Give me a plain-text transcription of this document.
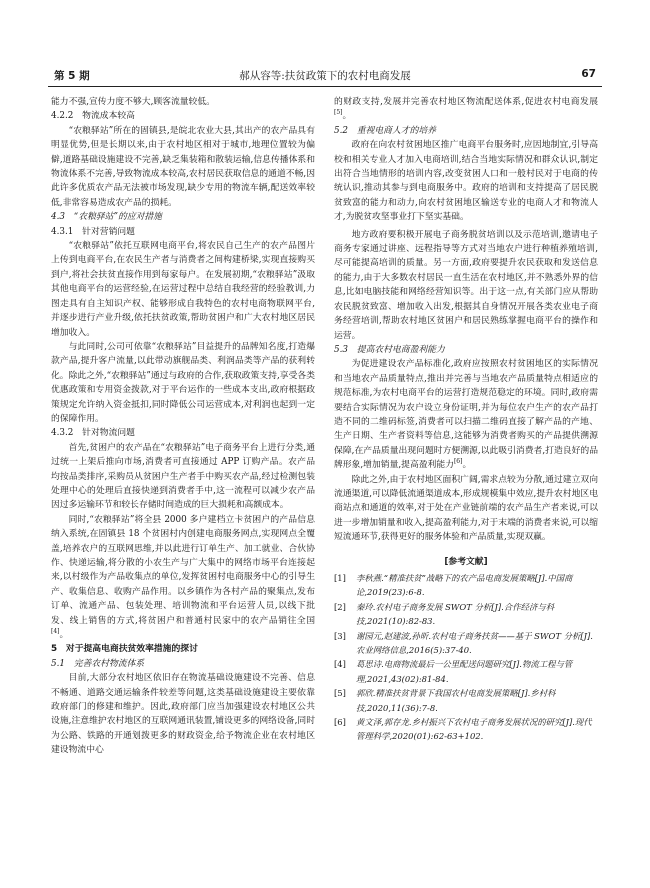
第 5 期	郝从容等:扶贫政策下的农村电商发展	67

能力不强,宣传力度不够大,顾客流量较低。

4.2.2　物流成本较高

“农粮驿站”所在的固镇县,是皖北农业大县,其出产的农产品具有明显优势,但是长期以来,由于农村地区相对于城市,地理位置较为偏僻,道路基础设施建设不完善,缺乏集装箱和散装运输,信息传播体系和物流体系不完善,导致物流成本较高,农村居民获取信息的通道不畅,因此许多优质农产品无法被市场发现,缺少专用的物流车辆,配送效率较低,非常容易造成农产品的损耗。

4.3　“农粮驿站”的应对措施
4.3.1　针对营销问题

“农粮驿站”依托互联网电商平台,将农民自己生产的农产品图片上传到电商平台,在农民生产者与消费者之间构建桥梁,实现直接购买到户,将社会扶贫直接作用到每家每户。在发展初期,“农粮驿站”汲取其他电商平台的运营经验,在运营过程中总结自我经营的经验教训,力图走具有自主知识产权、能够形成自我特色的农村电商物联网平台,并逐步进行产业升级,依托扶贫政策,帮助贫困户和广大农村地区居民增加收入。

与此同时,公司可依靠“农粮驿站”目益提升的品牌知名度,打造爆款产品,提升客户流量,以此带动旗舰品类、利润品类等产品的获利转化。除此之外,“农粮驿站”通过与政府的合作,获取政策支持,享受各类优惠政策和专用资金拨款,对于平台运作的一些成本支出,政府根据政策规定允许纳入资金抵扣,同时降低公司运营成本,对利润也起到一定的保障作用。

4.3.2　针对物流问题

首先,贫困户的农产品在“农粮驿站”电子商务平台上进行分类,通过统一上架后推向市场,消费者可直接通过 APP 订购产品。农产品均按品类排序,采购员从贫困户生产者手中购买农产品,经过检测包装处理中心的处理后直接快递到消费者手中,这一流程可以减少农产品因过多运输环节和较长存储时间造成的巨大损耗和高额成本。

同时,“农粮驿站”将全县 2000 多户建档立卡贫困户的产品信息纳入系统,在固镇县 18 个贫困村内创建电商服务网点,实现网点全覆盖,培养农户的互联网思维,并以此进行订单生产、加工就业、合伙协作、快递运输,将分散的小农生产与广大集中的网络市场平台连接起来,以村级作为产品收集点的单位,发挥贫困村电商服务中心的引导生产、收集信息、收购产品作用。以乡镇作为各村产品的聚集点,发布订单、流通产品、包装处理、培训物流和平台运营人员,以线下批发、线上销售的方式,将贫困户和普通村民家中的农产品销往全国[4]。

5　对于提高电商扶贫效率措施的探讨
5.1　完善农村物流体系

目前,大部分农村地区依旧存在物流基础设施建设不完善、信息不畅通、道路交通运输条件较差等问题,这类基础设施建设主要依靠政府部门的修建和维护。因此,政府部门应当加强建设农村地区公共设施,注意维护农村地区的互联网通讯装置,铺设更多的网络设备,同时为公路、铁路的开通划拨更多的财政资金,给予物流企业在农村地区建设物流中心

的财政支持,发展并完善农村地区物流配送体系,促进农村电商发展[5]。

5.2　重视电商人才的培养

政府在向农村贫困地区推广电商平台服务时,应因地制宜,引导高校和相关专业人才加入电商培训,结合当地实际情况和群众认识,制定出符合当地情形的培训内容,改变贫困人口和一般村民对于电商的传统认识,推动其参与到电商服务中。政府的培训和支持提高了居民脱贫致富的能力和动力,向农村贫困地区输送专业的电商人才和物流人才,为脱贫攻坚事业打下坚实基础。

地方政府要积极开展电子商务脱贫培训以及示范培训,邀请电子商务专家通过讲座、远程指导等方式对当地农户进行种植养殖培训,尽可能提高培训的质量。另一方面,政府要提升农民获取和发送信息的能力,由于大多数农村居民一直生活在农村地区,并不熟悉外界的信息,比如电脑技能和网络经营知识等。出于这一点,有关部门应从帮助农民脱贫致富、增加收入出发,根据其自身情况开展各类农业电子商务经营培训,帮助农村地区贫困户和居民熟练掌握电商平台的操作和运营。

5.3　提高农村电商盈利能力

为促进建设农产品标准化,政府应按照农村贫困地区的实际情况和当地农产品质量特点,推出并完善与当地农产品质量特点相适应的规范标准,为农村电商平台的运营打造规范稳定的环境。同时,政府需要结合实际情况为农户设立身份证明,并为每位农户生产的农产品打造不同的二维码标签,消费者可以扫描二维码直接了解产品的产地、生产日期、生产者资料等信息,这能够为消费者购买的产品提供溯源保障,在产品质量出现问题时方便溯源,以此吸引消费者,打造良好的品牌形象,增加销量,提高盈利能力[6]。

除此之外,由于农村地区面积广阔,需求点较为分散,通过建立双向流通渠道,可以降低流通渠道成本,形成规模集中效应,提升农村地区电商站点和通道的效率,对于处在产业链前端的农产品生产者来说,可以进一步增加销量和收入,提高盈利能力,对于末端的消费者来说,可以缩短流通环节,获得更好的服务体验和产品质量,实现双赢。

[参考文献]
[1]	李秋燕.“精准扶贫”战略下的农产品电商发展策略[J].中国商论,2019(23):6-8.
[2]	秦玲.农村电子商务发展 SWOT 分析[J].合作经济与科技,2021(10):82-83.
[3]	谢园元,赵建波,孙昕.农村电子商务扶贫——基于 SWOT 分析[J].农业网络信息,2016(5):37-40.
[4]	葛思诗.电商物流最后一公里配送问题研究[J].物流工程与管理,2021,43(02):81-84.
[5]	郭欣.精准扶贫背景下我国农村电商发展策略[J].乡村科技,2020,11(36):7-8.
[6]	黄文泽,郭存龙.乡村振兴下农村电子商务发展状况的研究[J].现代管理科学,2020(01):62-63+102.
